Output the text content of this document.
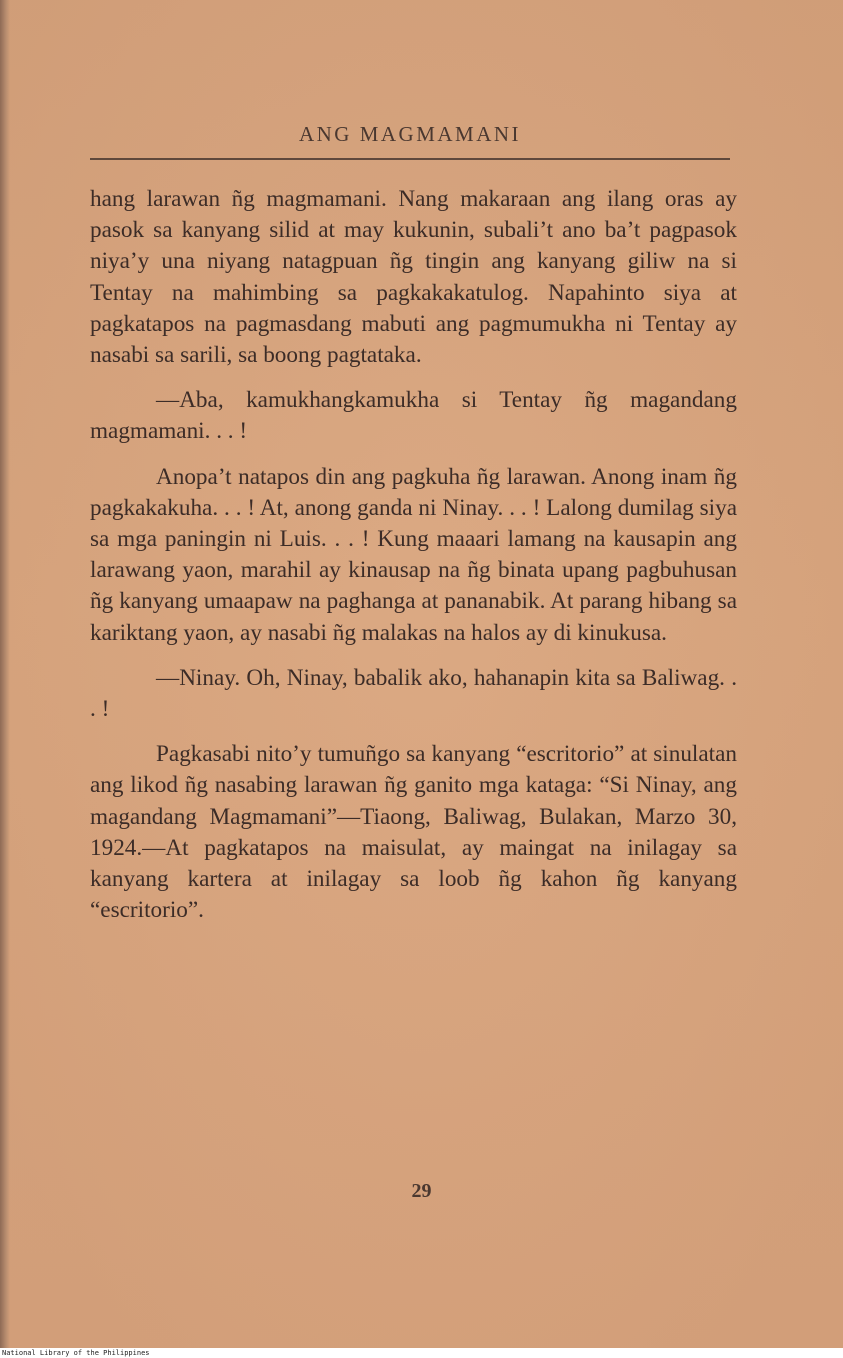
ANG MAGMAMANI

hang larawan ñg magmamani. Nang makaraan ang ilang oras ay pasok sa kanyang silid at may kukunin, subali’t ano ba’t pagpasok niya’y una niyang natagpuan ñg tingin ang kanyang giliw na si Tentay na mahimbing sa pagkakakatulog. Napahinto siya at pagkatapos na pagmasdang mabuti ang pagmumukha ni Tentay ay nasabi sa sarili, sa boong pagtataka.

—Aba, kamukhangkamukha si Tentay ñg magandang magmamani. . . !

Anopa’t natapos din ang pagkuha ñg larawan. Anong inam ñg pagkakakuha. . . ! At, anong ganda ni Ninay. . . ! Lalong dumilag siya sa mga paningin ni Luis. . . ! Kung maaari lamang na kausapin ang larawang yaon, marahil ay kinausap na ñg binata upang pagbuhusan ñg kanyang umaapaw na paghanga at pananabik. At parang hibang sa kariktang yaon, ay nasabi ñg malakas na halos ay di kinukusa.

—Ninay. Oh, Ninay, babalik ako, hahanapin kita sa Baliwag. . . !

Pagkasabi nito’y tumuñgo sa kanyang “escritorio” at sinulatan ang likod ñg nasabing larawan ñg ganito mga kataga: “Si Ninay, ang magandang Magmamani”—Tiaong, Baliwag, Bulakan, Marzo 30, 1924.—At pagkatapos na maisulat, ay maingat na inilagay sa kanyang kartera at inilagay sa loob ñg kahon ñg kanyang “escritorio”.

29
National Library of the Philippines
